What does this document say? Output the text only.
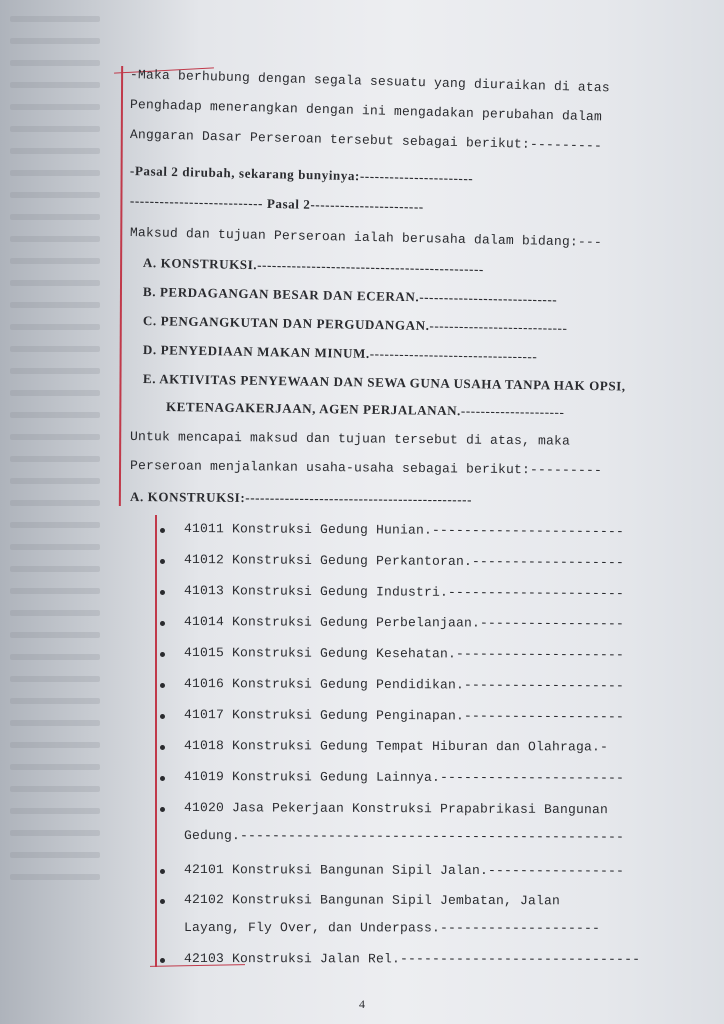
-Maka berhubung dengan segala sesuatu yang diuraikan di atas
Penghadap menerangkan dengan ini mengadakan perubahan dalam
Anggaran Dasar Perseroan tersebut sebagai berikut:---------
-Pasal 2 dirubah, sekarang bunyinya:-----------------------
--------------------------- Pasal 2-----------------------
Maksud dan tujuan Perseroan ialah berusaha dalam bidang:---
A. KONSTRUKSI.----------------------------------------------
B. PERDAGANGAN BESAR DAN ECERAN.----------------------------
C. PENGANGKUTAN DAN PERGUDANGAN.----------------------------
D. PENYEDIAAN MAKAN MINUM.----------------------------------
E. AKTIVITAS PENYEWAAN DAN SEWA GUNA USAHA TANPA HAK OPSI,
KETENAGAKERJAAN, AGEN PERJALANAN.---------------------
Untuk mencapai maksud dan tujuan tersebut di atas, maka
Perseroan menjalankan usaha-usaha sebagai berikut:---------
A. KONSTRUKSI:----------------------------------------------
41011 Konstruksi Gedung Hunian.------------------------
41012 Konstruksi Gedung Perkantoran.-------------------
41013 Konstruksi Gedung Industri.----------------------
41014 Konstruksi Gedung Perbelanjaan.------------------
41015 Konstruksi Gedung Kesehatan.---------------------
41016 Konstruksi Gedung Pendidikan.--------------------
41017 Konstruksi Gedung Penginapan.--------------------
41018 Konstruksi Gedung Tempat Hiburan dan Olahraga.-
41019 Konstruksi Gedung Lainnya.-----------------------
41020 Jasa Pekerjaan Konstruksi Prapabrikasi Bangunan
Gedung.------------------------------------------------
42101 Konstruksi Bangunan Sipil Jalan.-----------------
42102 Konstruksi Bangunan Sipil Jembatan, Jalan
Layang, Fly Over, dan Underpass.--------------------
42103 Konstruksi Jalan Rel.------------------------------
4
